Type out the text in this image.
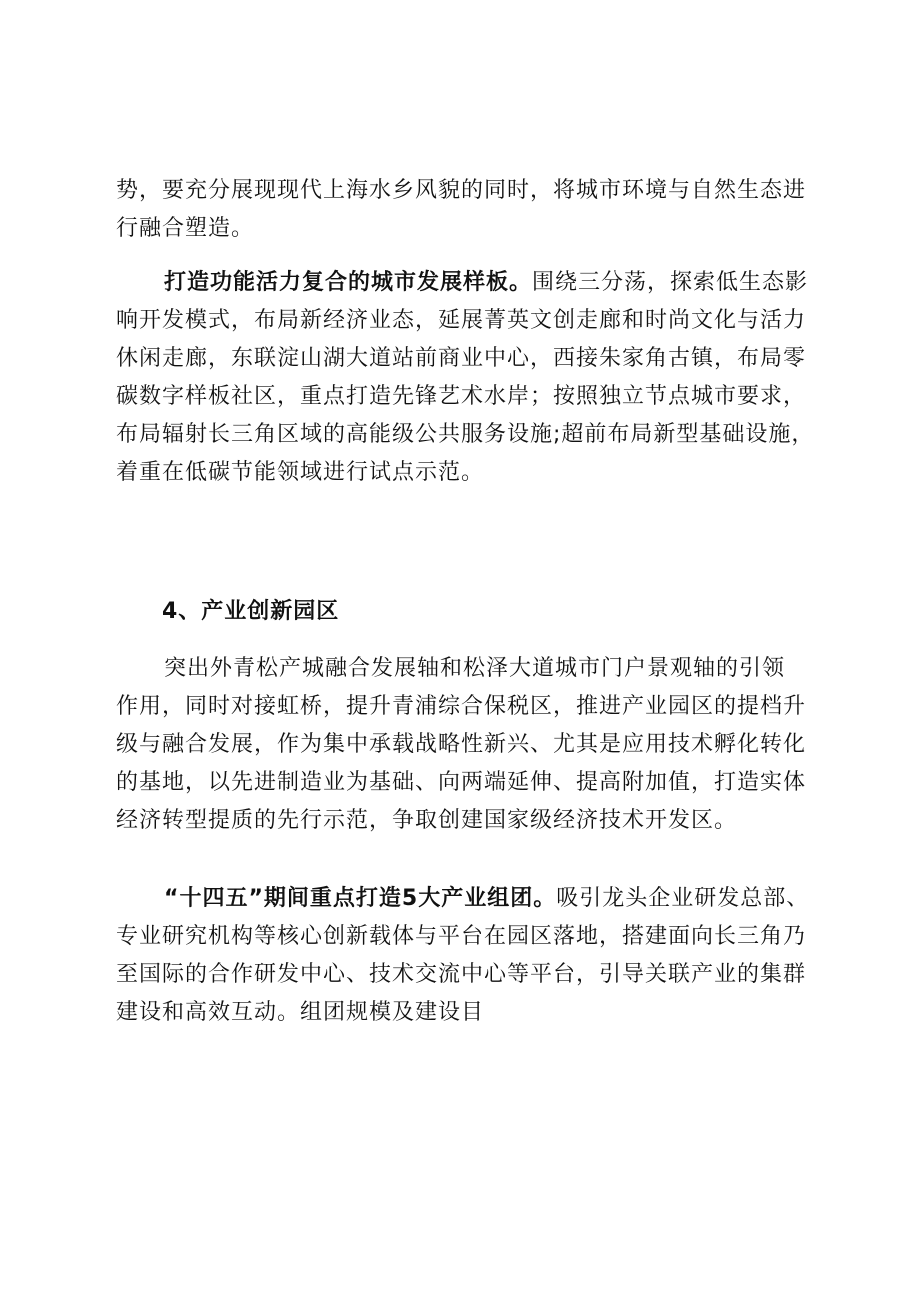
势，要充分展现现代上海水乡风貌的同时，将城市环境与自然生态进
行融合塑造。
打造功能活力复合的城市发展样板。围绕三分荡，探索低生态影
响开发模式，布局新经济业态，延展菁英文创走廊和时尚文化与活力
休闲走廊，东联淀山湖大道站前商业中心，西接朱家角古镇，布局零
碳数字样板社区，重点打造先锋艺术水岸；按照独立节点城市要求，
布局辐射长三角区域的高能级公共服务设施;超前布局新型基础设施，
着重在低碳节能领域进行试点示范。
4、产业创新园区
突出外青松产城融合发展轴和松泽大道城市门户景观轴的引领
作用，同时对接虹桥，提升青浦综合保税区，推进产业园区的提档升
级与融合发展，作为集中承载战略性新兴、尤其是应用技术孵化转化
的基地，以先进制造业为基础、向两端延伸、提高附加值，打造实体
经济转型提质的先行示范，争取创建国家级经济技术开发区。
“十四五”期间重点打造5大产业组团。吸引龙头企业研发总部、
专业研究机构等核心创新载体与平台在园区落地，搭建面向长三角乃
至国际的合作研发中心、技术交流中心等平台，引导关联产业的集群
建设和高效互动。组团规模及建设目
